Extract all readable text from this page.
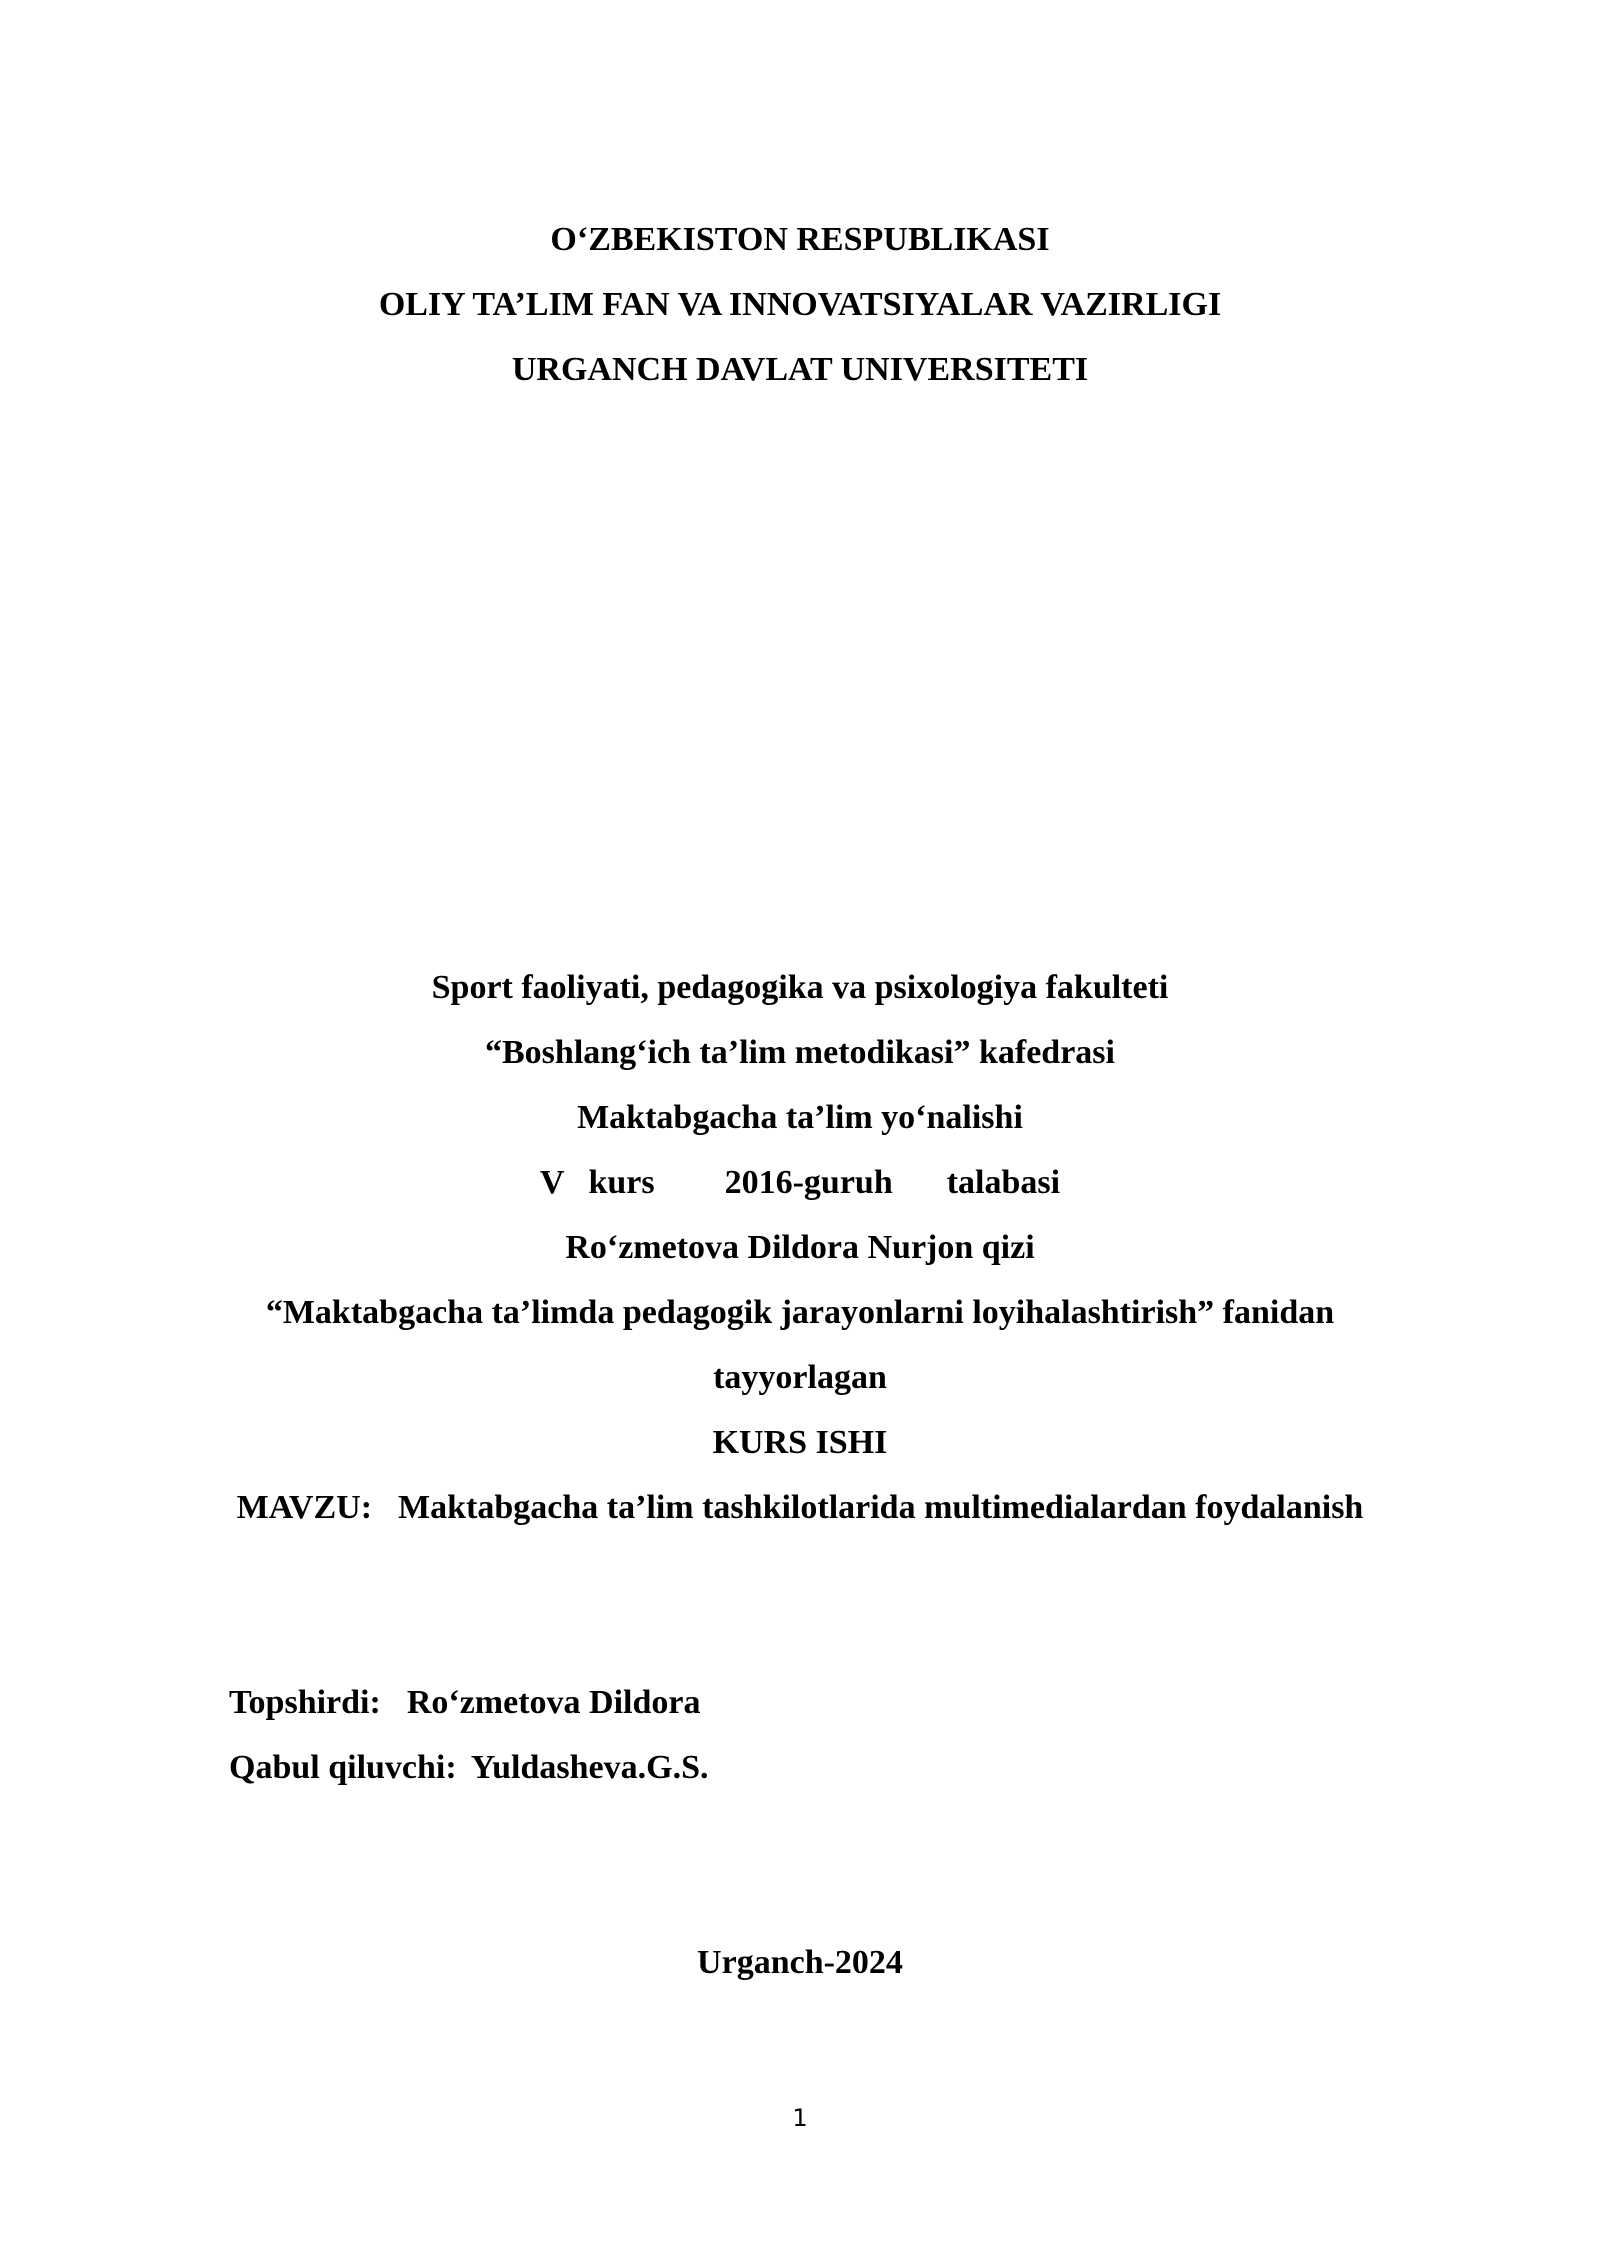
O‘ZBEKISTON RESPUBLIKASI
OLIY TA’LIM FAN VA INNOVATSIYALAR VAZIRLIGI
URGANCH DAVLAT UNIVERSITETI
Sport faoliyati, pedagogika va psixologiya fakulteti
“Boshlang‘ich ta’lim metodikasi” kafedrasi
Maktabgacha ta’lim yo‘nalishi
V kurs 2016-guruh talabasi
Ro‘zmetova Dildora Nurjon qizi
“Maktabgacha ta’limda pedagogik jarayonlarni loyihalashtirish” fanidan
tayyorlagan
KURS ISHI
MAVZU: Maktabgacha ta’lim tashkilotlarida multimedialardan foydalanish
Topshirdi: Ro‘zmetova Dildora
Qabul qiluvchi: Yuldasheva.G.S.
Urganch-2024
1
